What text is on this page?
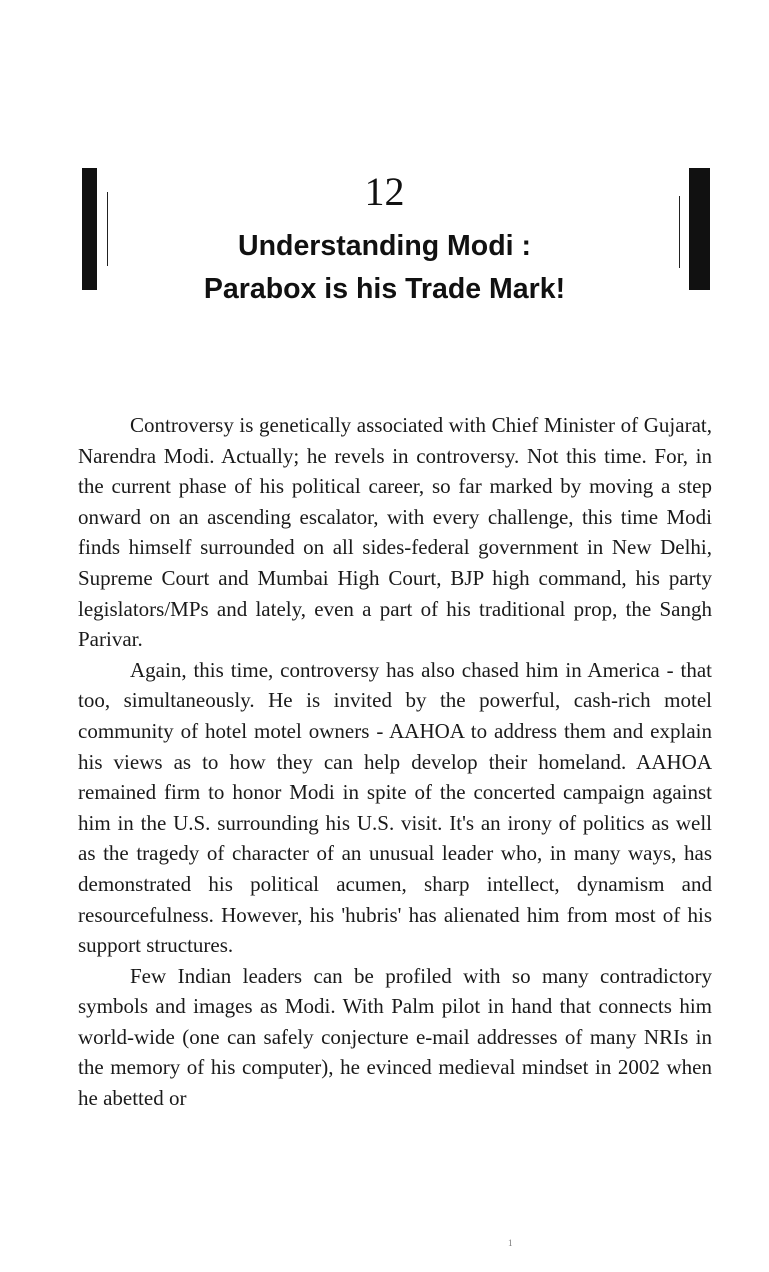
12
Understanding Modi :
Parabox is his Trade Mark!

Controversy is genetically associated with Chief Minister of Gujarat, Narendra Modi. Actually; he revels in controversy. Not this time. For, in the current phase of his political career, so far marked by moving a step onward on an ascending escalator, with every challenge, this time Modi finds himself surrounded on all sides-federal government in New Delhi, Supreme Court and Mumbai High Court, BJP high command, his party legislators/MPs and lately, even a part of his traditional prop, the Sangh Parivar.

Again, this time, controversy has also chased him in America - that too, simultaneously. He is invited by the powerful, cash-rich motel community of hotel motel owners - AAHOA to address them and explain his views as to how they can help develop their homeland. AAHOA remained firm to honor Modi in spite of the concerted campaign against him in the U.S. surrounding his U.S. visit. It's an irony of politics as well as the tragedy of character of an unusual leader who, in many ways, has demonstrated his political acumen, sharp intellect, dynamism and resourcefulness. However, his 'hubris' has alienated him from most of his support structures.

Few Indian leaders can be profiled with so many contradictory symbols and images as Modi. With Palm pilot in hand that connects him world-wide (one can safely conjecture e-mail addresses of many NRIs in the memory of his computer), he evinced medieval mindset in 2002 when he abetted or

1
